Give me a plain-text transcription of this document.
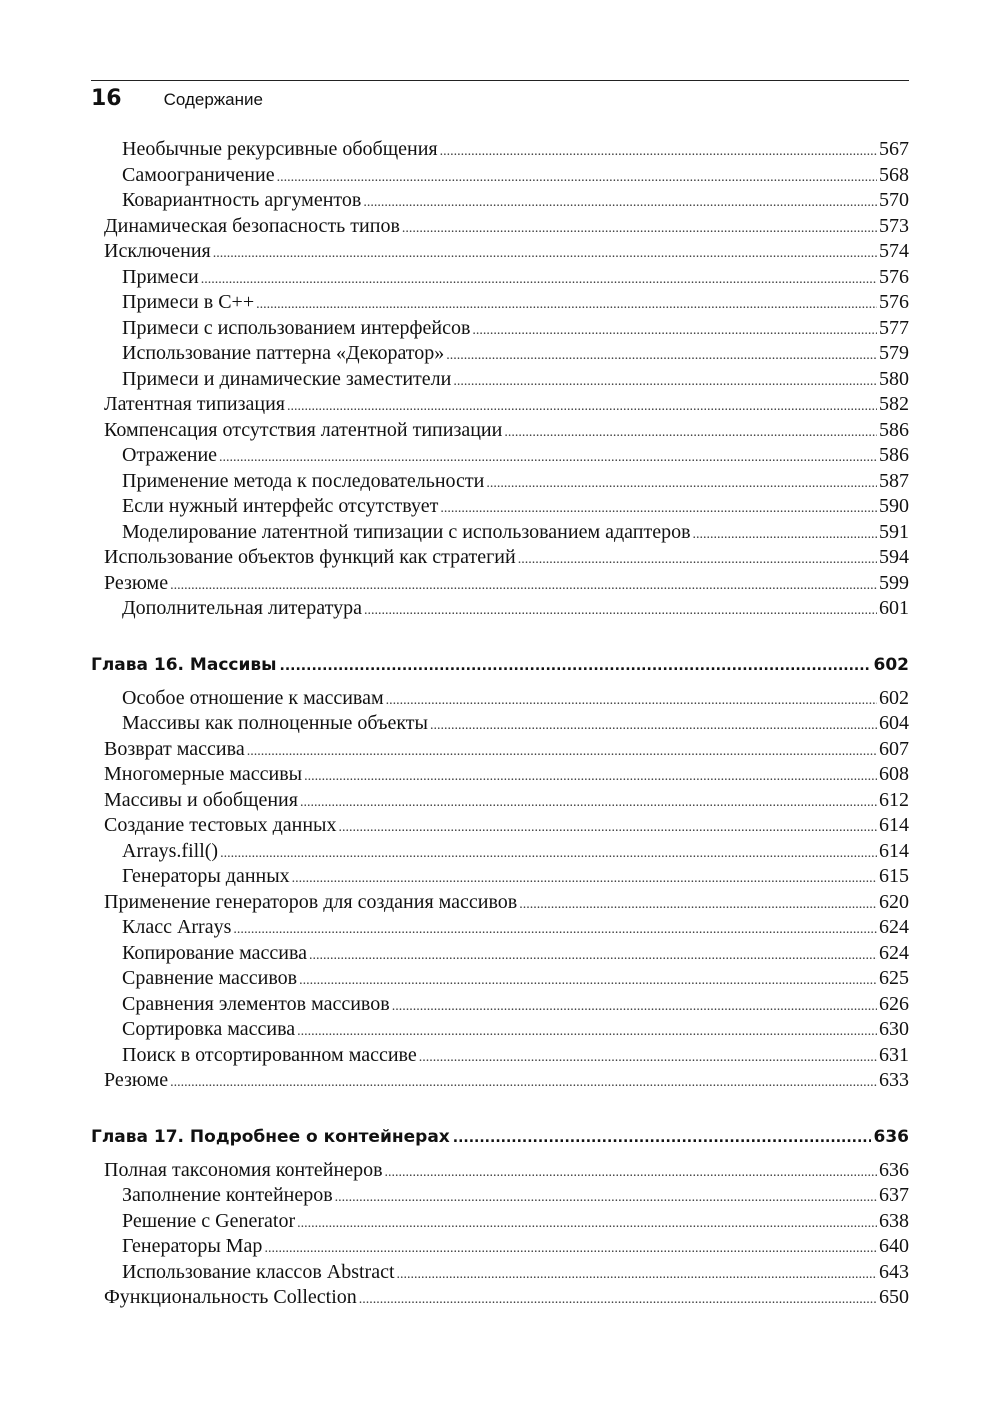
16 Содержание
Необычные рекурсивные обобщения .....	567
Самоограничение .....	568
Ковариантность аргументов .....	570
Динамическая безопасность типов .....	573
Исключения .....	574
Примеси .....	576
Примеси в C++ .....	576
Примеси с использованием интерфейсов .....	577
Использование паттерна «Декоратор» .....	579
Примеси и динамические заместители .....	580
Латентная типизация .....	582
Компенсация отсутствия латентной типизации .....	586
Отражение .....	586
Применение метода к последовательности .....	587
Если нужный интерфейс отсутствует .....	590
Моделирование латентной типизации с использованием адаптеров .....	591
Использование объектов функций как стратегий .....	594
Резюме .....	599
Дополнительная литература .....	601
Глава 16. Массивы .....	602
Особое отношение к массивам .....	602
Массивы как полноценные объекты .....	604
Возврат массива .....	607
Многомерные массивы .....	608
Массивы и обобщения .....	612
Создание тестовых данных .....	614
Arrays.fill() .....	614
Генераторы данных .....	615
Применение генераторов для создания массивов .....	620
Класс Arrays .....	624
Копирование массива .....	624
Сравнение массивов .....	625
Сравнения элементов массивов .....	626
Сортировка массива .....	630
Поиск в отсортированном массиве .....	631
Резюме .....	633
Глава 17. Подробнее о контейнерах .....	636
Полная таксономия контейнеров .....	636
Заполнение контейнеров .....	637
Решение с Generator .....	638
Генераторы Map .....	640
Использование классов Abstract .....	643
Функциональность Collection .....	650
